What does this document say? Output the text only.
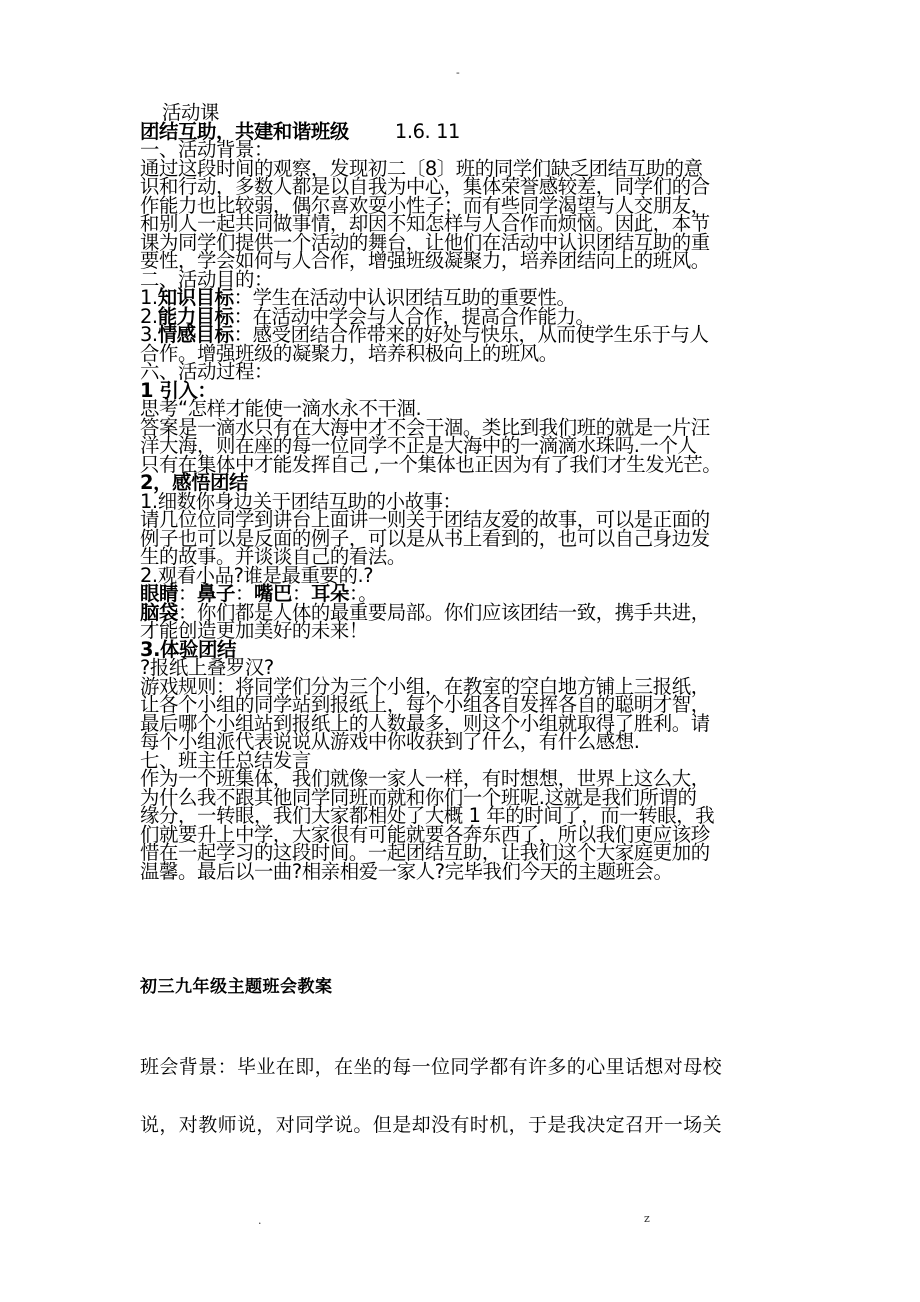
-

活动课

团结互助，共建和谐班级 1.6. 11

一、活动背景：

通过这段时间的观察，发现初二〔8〕班的同学们缺乏团结互助的意

识和行动，多数人都是以自我为中心，集体荣誉感较差，同学们的合

作能力也比较弱，偶尔喜欢耍小性子；而有些同学渴望与人交朋友，

和别人一起共同做事情，却因不知怎样与人合作而烦恼。因此，本节

课为同学们提供一个活动的舞台，让他们在活动中认识团结互助的重

要性，学会如何与人合作，增强班级凝聚力，培养团结向上的班风。

二、活动目的：

1.知识目标：学生在活动中认识团结互助的重要性。

2.能力目标：在活动中学会与人合作，提高合作能力。

3.情感目标：感受团结合作带来的好处与快乐，从而使学生乐于与人

合作。增强班级的凝聚力，培养积极向上的班风。

六、活动过程：

1 引入：

思考“怎样才能使一滴水永不干涸.

答案是一滴水只有在大海中才不会干涸。类比到我们班的就是一片汪

洋大海，则在座的每一位同学不正是大海中的一滴滴水珠吗.一个人

只有在集体中才能发挥自己 ,一个集体也正因为有了我们才生发光芒。

2，感悟团结

1.细数你身边关于团结互助的小故事：

请几位位同学到讲台上面讲一则关于团结友爱的故事，可以是正面的

例子也可以是反面的例子，可以是从书上看到的，也可以自己身边发

生的故事。并谈谈自己的看法。

2.观看小品?谁是最重要的.?

眼睛：鼻子：嘴巴：耳朵：。

脑袋：你们都是人体的最重要局部。你们应该团结一致，携手共进，

才能创造更加美好的未来！

3.体验团结

?报纸上叠罗汉?

游戏规则：将同学们分为三个小组，在教室的空白地方铺上三报纸，

让各个小组的同学站到报纸上，每个小组各自发挥各自的聪明才智，

最后哪个小组站到报纸上的人数最多，则这个小组就取得了胜利。请

每个小组派代表说说从游戏中你收获到了什么，有什么感想.

七、班主任总结发言

作为一个班集体，我们就像一家人一样，有时想想，世界上这么大，

为什么我不跟其他同学同班而就和你们一个班呢.这就是我们所谓的

缘分，一转眼，我们大家都相处了大概 1 年的时间了，而一转眼，我

们就要升上中学，大家很有可能就要各奔东西了，所以我们更应该珍

惜在一起学习的这段时间。一起团结互助，让我们这个大家庭更加的

温馨。最后以一曲?相亲相爱一家人?完毕我们今天的主题班会。

初三九年级主题班会教案

班会背景：毕业在即，在坐的每一位同学都有许多的心里话想对母校

说，对教师说，对同学说。但是却没有时机，于是我决定召开一场关

.	z
